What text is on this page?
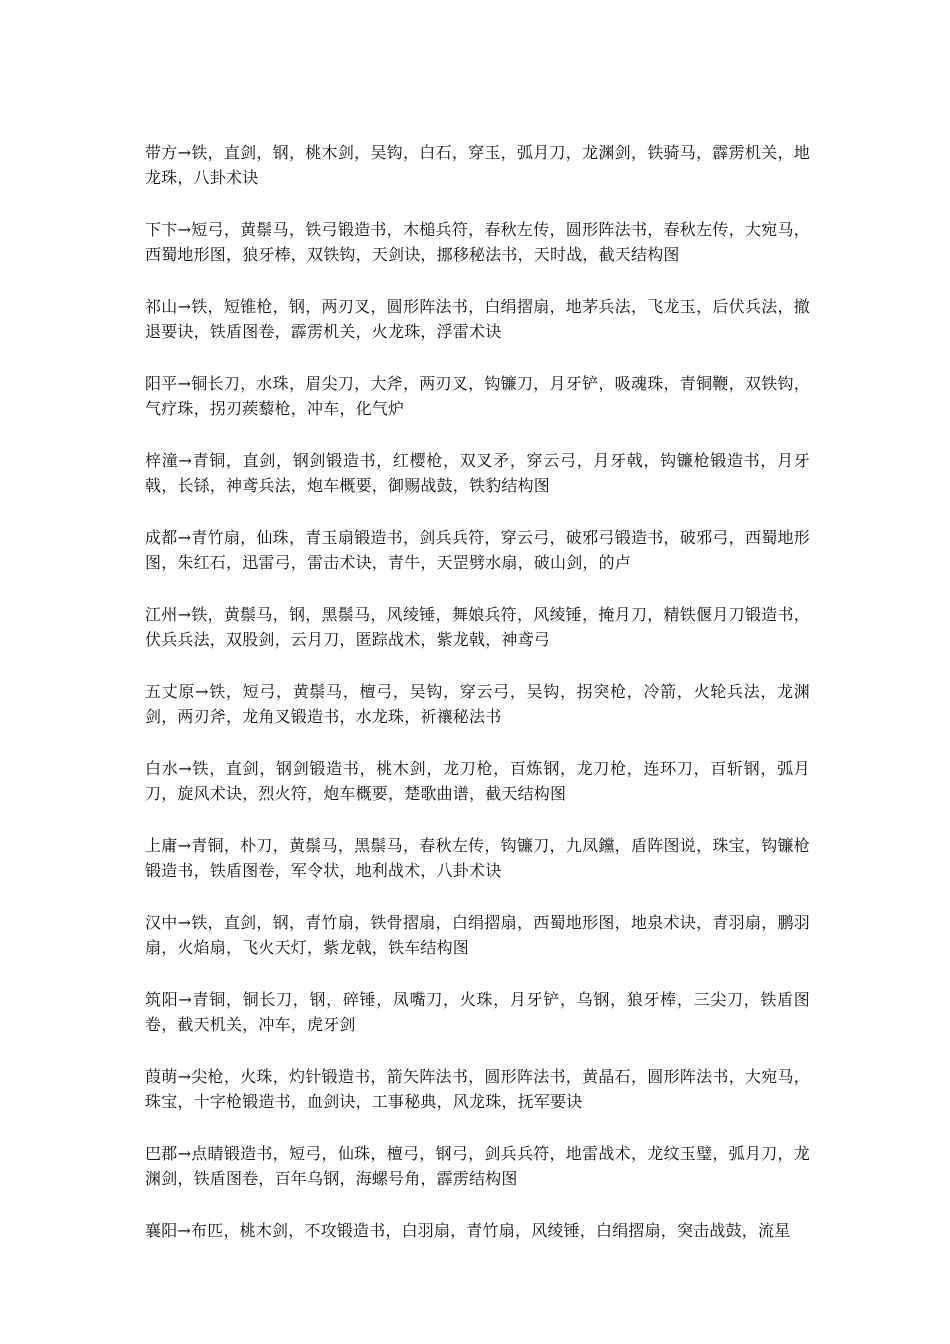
带方→铁，直剑，钢，桃木剑，吴钩，白石，穿玉，弧月刀，龙渊剑，铁骑马，霹雳机关，地龙珠，八卦术诀

下卞→短弓，黄鬃马，铁弓锻造书，木槌兵符，春秋左传，圆形阵法书，春秋左传，大宛马，西蜀地形图，狼牙棒，双铁钩，天剑诀，挪移秘法书，天时战，截天结构图

祁山→铁，短锥枪，钢，两刃叉，圆形阵法书，白绢摺扇，地茅兵法，飞龙玉，后伏兵法，撤退要诀，铁盾图卷，霹雳机关，火龙珠，浮雷术诀

阳平→铜长刀，水珠，眉尖刀，大斧，两刃叉，钩镰刀，月牙铲，吸魂珠，青铜鞭，双铁钩，气疗珠，拐刃蒺藜枪，冲车，化气炉

梓潼→青铜，直剑，钢剑锻造书，红樱枪，双叉矛，穿云弓，月牙戟，钩镰枪锻造书，月牙戟，长铩，神鸢兵法，炮车概要，御赐战鼓，铁豹结构图

成都→青竹扇，仙珠，青玉扇锻造书，剑兵兵符，穿云弓，破邪弓锻造书，破邪弓，西蜀地形图，朱红石，迅雷弓，雷击术诀，青牛，天罡劈水扇，破山剑，的卢

江州→铁，黄鬃马，钢，黑鬃马，风绫锤，舞娘兵符，风绫锤，掩月刀，精铁偃月刀锻造书，伏兵兵法，双股剑，云月刀，匿踪战术，紫龙戟，神鸢弓

五丈原→铁，短弓，黄鬃马，檀弓，吴钩，穿云弓，吴钩，拐突枪，冷箭，火轮兵法，龙渊剑，两刃斧，龙角叉锻造书，水龙珠，祈禳秘法书

白水→铁，直剑，钢剑锻造书，桃木剑，龙刀枪，百炼钢，龙刀枪，连环刀，百斩钢，弧月刀，旋风术诀，烈火符，炮车概要，楚歌曲谱，截天结构图

上庸→青铜，朴刀，黄鬃马，黑鬃马，春秋左传，钩镰刀，九凤钂，盾阵图说，珠宝，钩镰枪锻造书，铁盾图卷，军令状，地利战术，八卦术诀

汉中→铁，直剑，钢，青竹扇，铁骨摺扇，白绢摺扇，西蜀地形图，地泉术诀，青羽扇，鹏羽扇，火焰扇，飞火天灯，紫龙戟，铁车结构图

筑阳→青铜，铜长刀，钢，碎锤，凤嘴刀，火珠，月牙铲，乌钢，狼牙棒，三尖刀，铁盾图卷，截天机关，冲车，虎牙剑

葭萌→尖枪，火珠，灼针锻造书，箭矢阵法书，圆形阵法书，黄晶石，圆形阵法书，大宛马，珠宝，十字枪锻造书，血剑诀，工事秘典，风龙珠，抚军要诀

巴郡→点睛锻造书，短弓，仙珠，檀弓，钢弓，剑兵兵符，地雷战术，龙纹玉璧，弧月刀，龙渊剑，铁盾图卷，百年乌钢，海螺号角，霹雳结构图

襄阳→布匹，桃木剑，不攻锻造书，白羽扇，青竹扇，风绫锤，白绢摺扇，突击战鼓，流星
